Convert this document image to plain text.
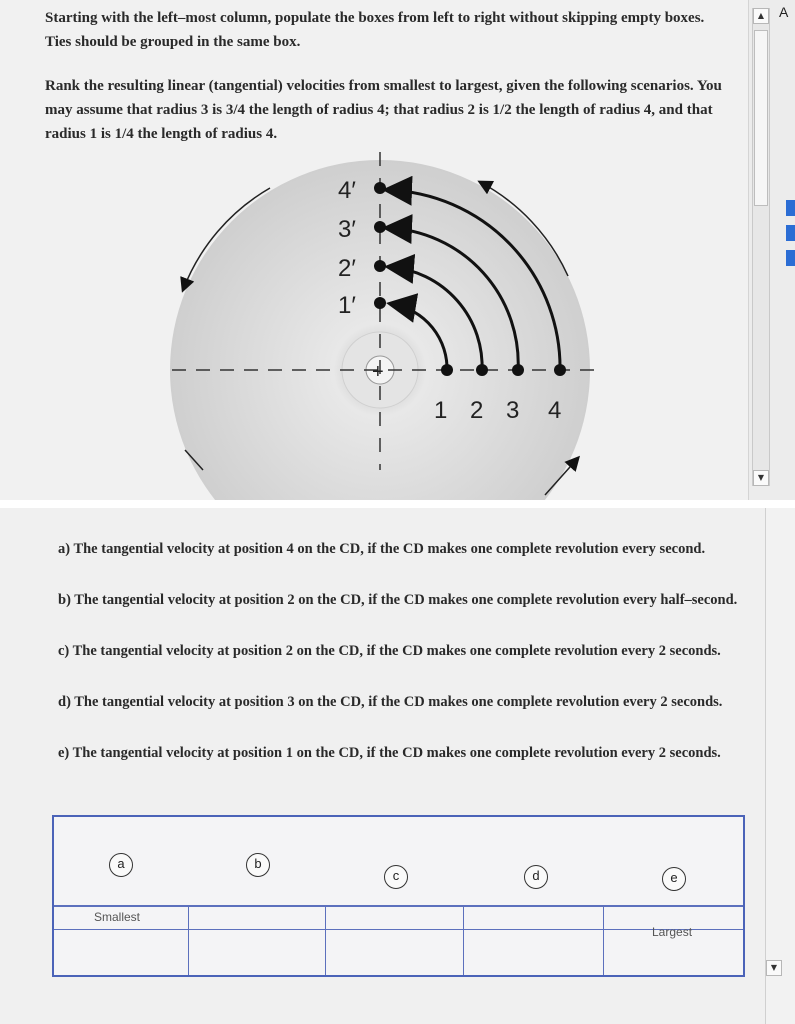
Starting with the left–most column, populate the boxes from left to right without skipping empty boxes. Ties should be grouped in the same box.
Rank the resulting linear (tangential) velocities from smallest to largest, given the following scenarios. You may assume that radius 3 is 3/4 the length of radius 4; that radius 2 is 1/2 the length of radius 4, and that radius 1 is 1/4 the length of radius 4.
4′
3′
2′
1′
1 2 3 4
+
▲
▼
A
▼
a) The tangential velocity at position 4 on the CD, if the CD makes one complete revolution every second.
b) The tangential velocity at position 2 on the CD, if the CD makes one complete revolution every half–second.
c) The tangential velocity at position 2 on the CD, if the CD makes one complete revolution every 2 seconds.
d) The tangential velocity at position 3 on the CD, if the CD makes one complete revolution every 2 seconds.
e) The tangential velocity at position 1 on the CD, if the CD makes one complete revolution every 2 seconds.
a	b
c	d	e
Smallest
Largest
